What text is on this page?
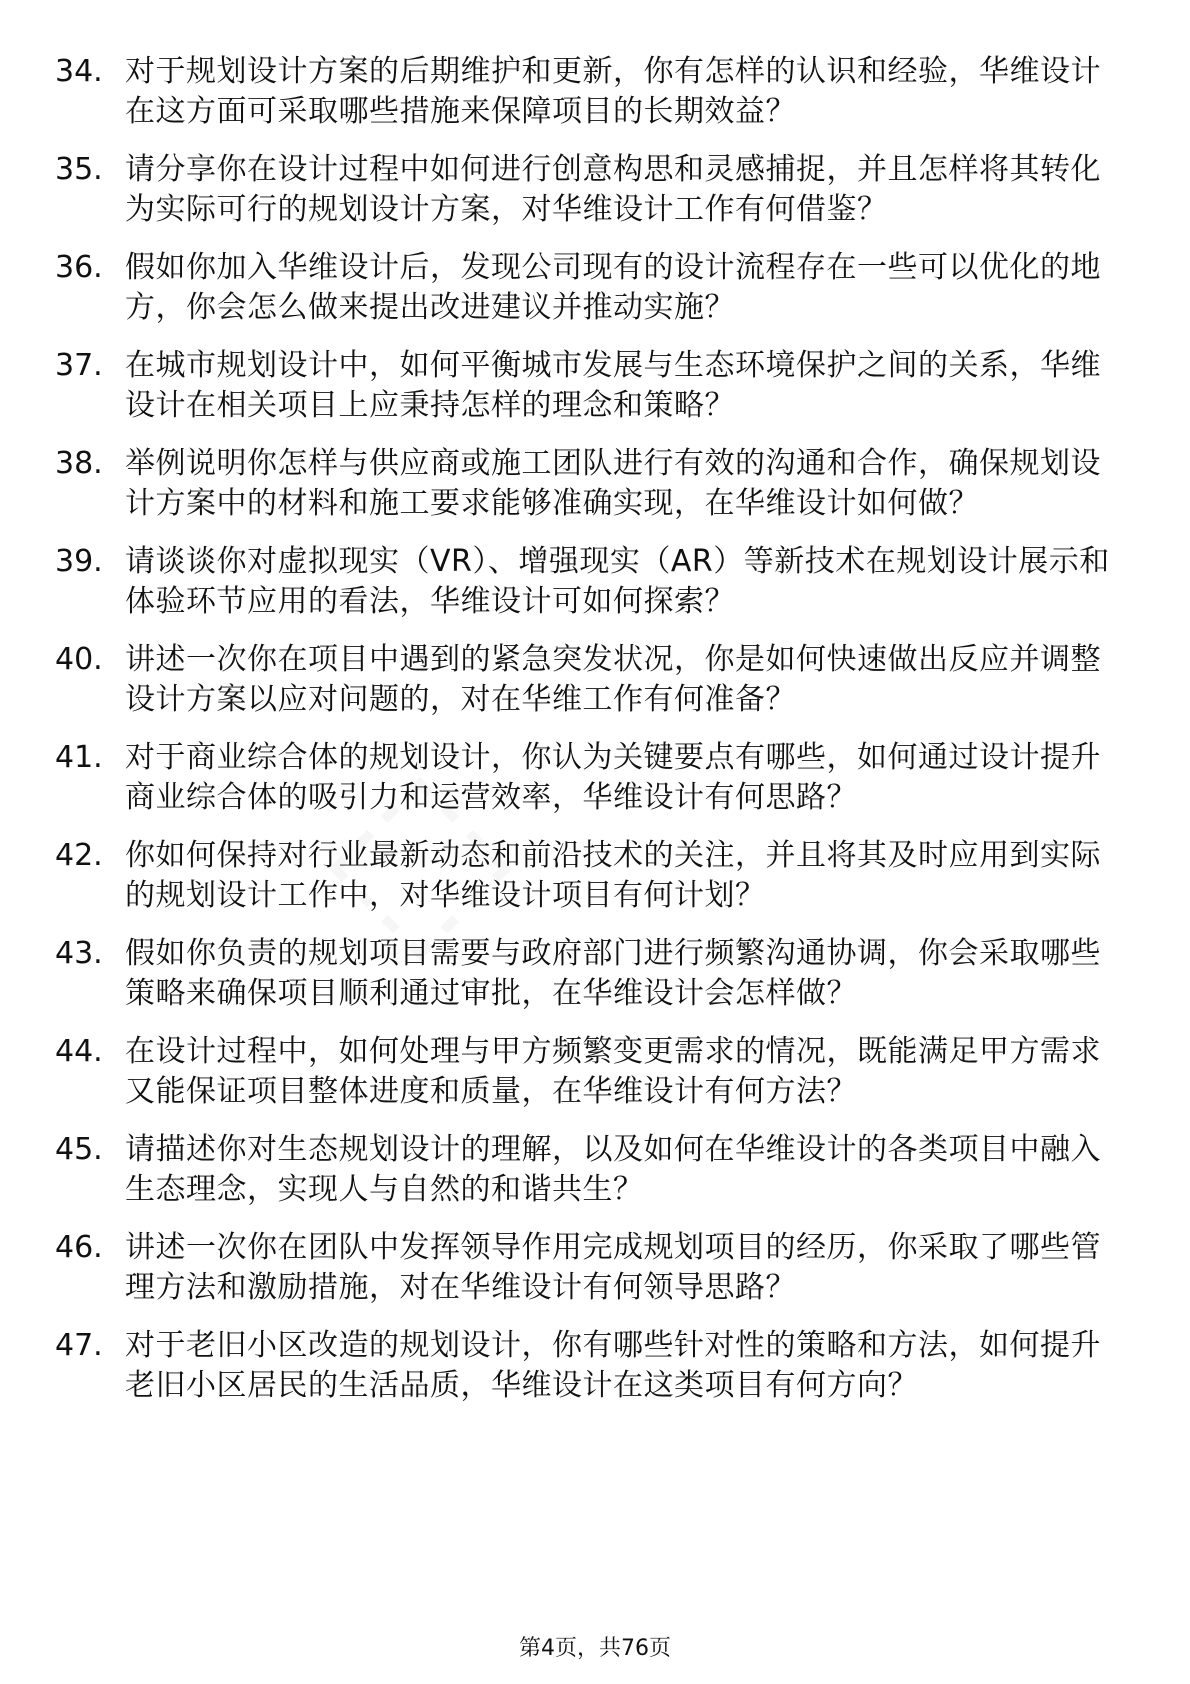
34. 对于规划设计方案的后期维护和更新，你有怎样的认识和经验，华维设计在这方面可采取哪些措施来保障项目的长期效益？
35. 请分享你在设计过程中如何进行创意构思和灵感捕捉，并且怎样将其转化为实际可行的规划设计方案，对华维设计工作有何借鉴？
36. 假如你加入华维设计后，发现公司现有的设计流程存在一些可以优化的地方，你会怎么做来提出改进建议并推动实施？
37. 在城市规划设计中，如何平衡城市发展与生态环境保护之间的关系，华维设计在相关项目上应秉持怎样的理念和策略？
38. 举例说明你怎样与供应商或施工团队进行有效的沟通和合作，确保规划设计方案中的材料和施工要求能够准确实现，在华维设计如何做？
39. 请谈谈你对虚拟现实（VR）、增强现实（AR）等新技术在规划设计展示和体验环节应用的看法，华维设计可如何探索？
40. 讲述一次你在项目中遇到的紧急突发状况，你是如何快速做出反应并调整设计方案以应对问题的，对在华维工作有何准备？
41. 对于商业综合体的规划设计，你认为关键要点有哪些，如何通过设计提升商业综合体的吸引力和运营效率，华维设计有何思路？
42. 你如何保持对行业最新动态和前沿技术的关注，并且将其及时应用到实际的规划设计工作中，对华维设计项目有何计划？
43. 假如你负责的规划项目需要与政府部门进行频繁沟通协调，你会采取哪些策略来确保项目顺利通过审批，在华维设计会怎样做？
44. 在设计过程中，如何处理与甲方频繁变更需求的情况，既能满足甲方需求又能保证项目整体进度和质量，在华维设计有何方法？
45. 请描述你对生态规划设计的理解，以及如何在华维设计的各类项目中融入生态理念，实现人与自然的和谐共生？
46. 讲述一次你在团队中发挥领导作用完成规划项目的经历，你采取了哪些管理方法和激励措施，对在华维设计有何领导思路？
47. 对于老旧小区改造的规划设计，你有哪些针对性的策略和方法，如何提升老旧小区居民的生活品质，华维设计在这类项目有何方向？
第4页，共76页
